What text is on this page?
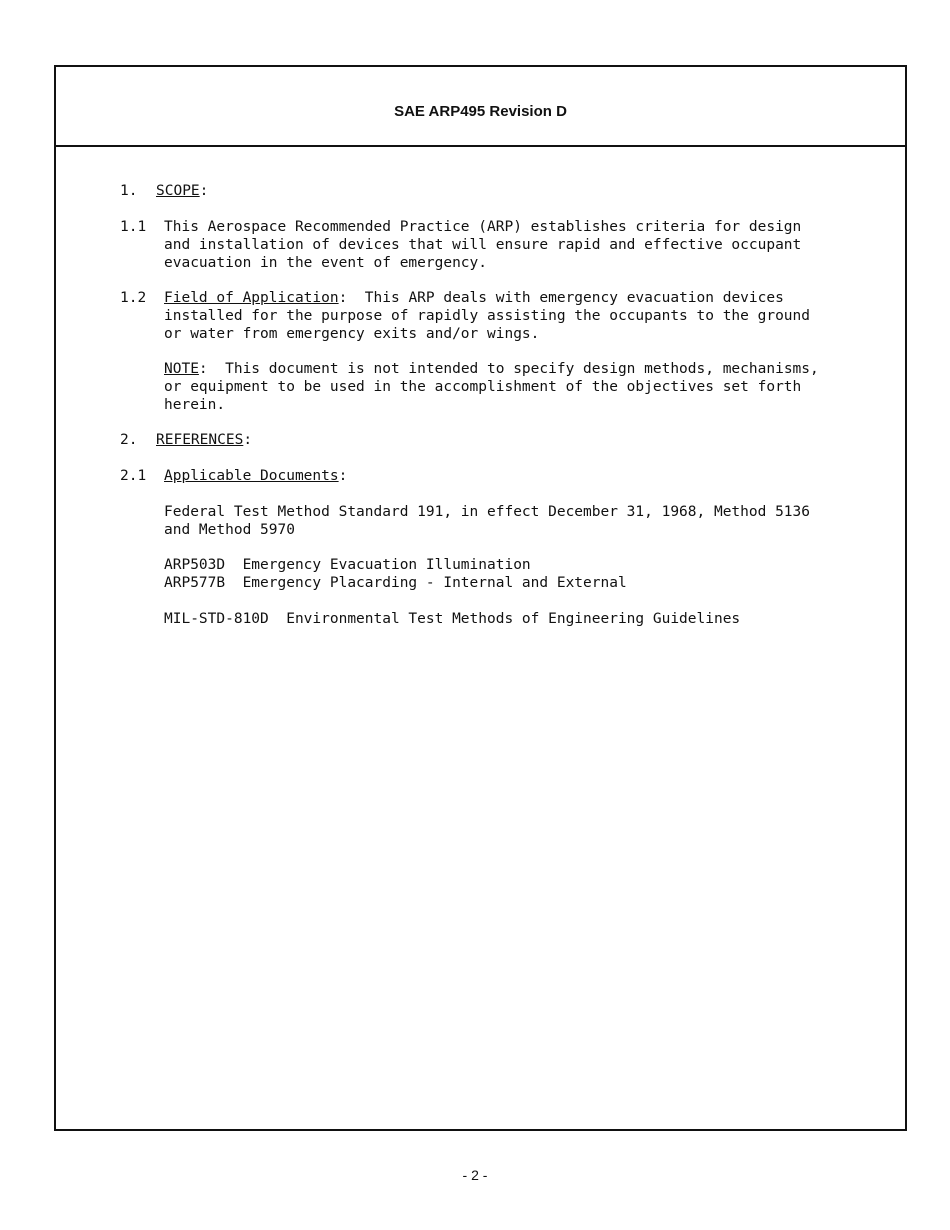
SAE ARP495 Revision D
1. SCOPE:
1.1 This Aerospace Recommended Practice (ARP) establishes criteria for design
and installation of devices that will ensure rapid and effective occupant
evacuation in the event of emergency.
1.2 Field of Application:  This ARP deals with emergency evacuation devices
installed for the purpose of rapidly assisting the occupants to the ground
or water from emergency exits and/or wings.
NOTE:  This document is not intended to specify design methods, mechanisms,
or equipment to be used in the accomplishment of the objectives set forth
herein.
2. REFERENCES:
2.1 Applicable Documents:
Federal Test Method Standard 191, in effect December 31, 1968, Method 5136
and Method 5970
ARP503D  Emergency Evacuation Illumination
ARP577B  Emergency Placarding - Internal and External
MIL-STD-810D  Environmental Test Methods of Engineering Guidelines
- 2 -
